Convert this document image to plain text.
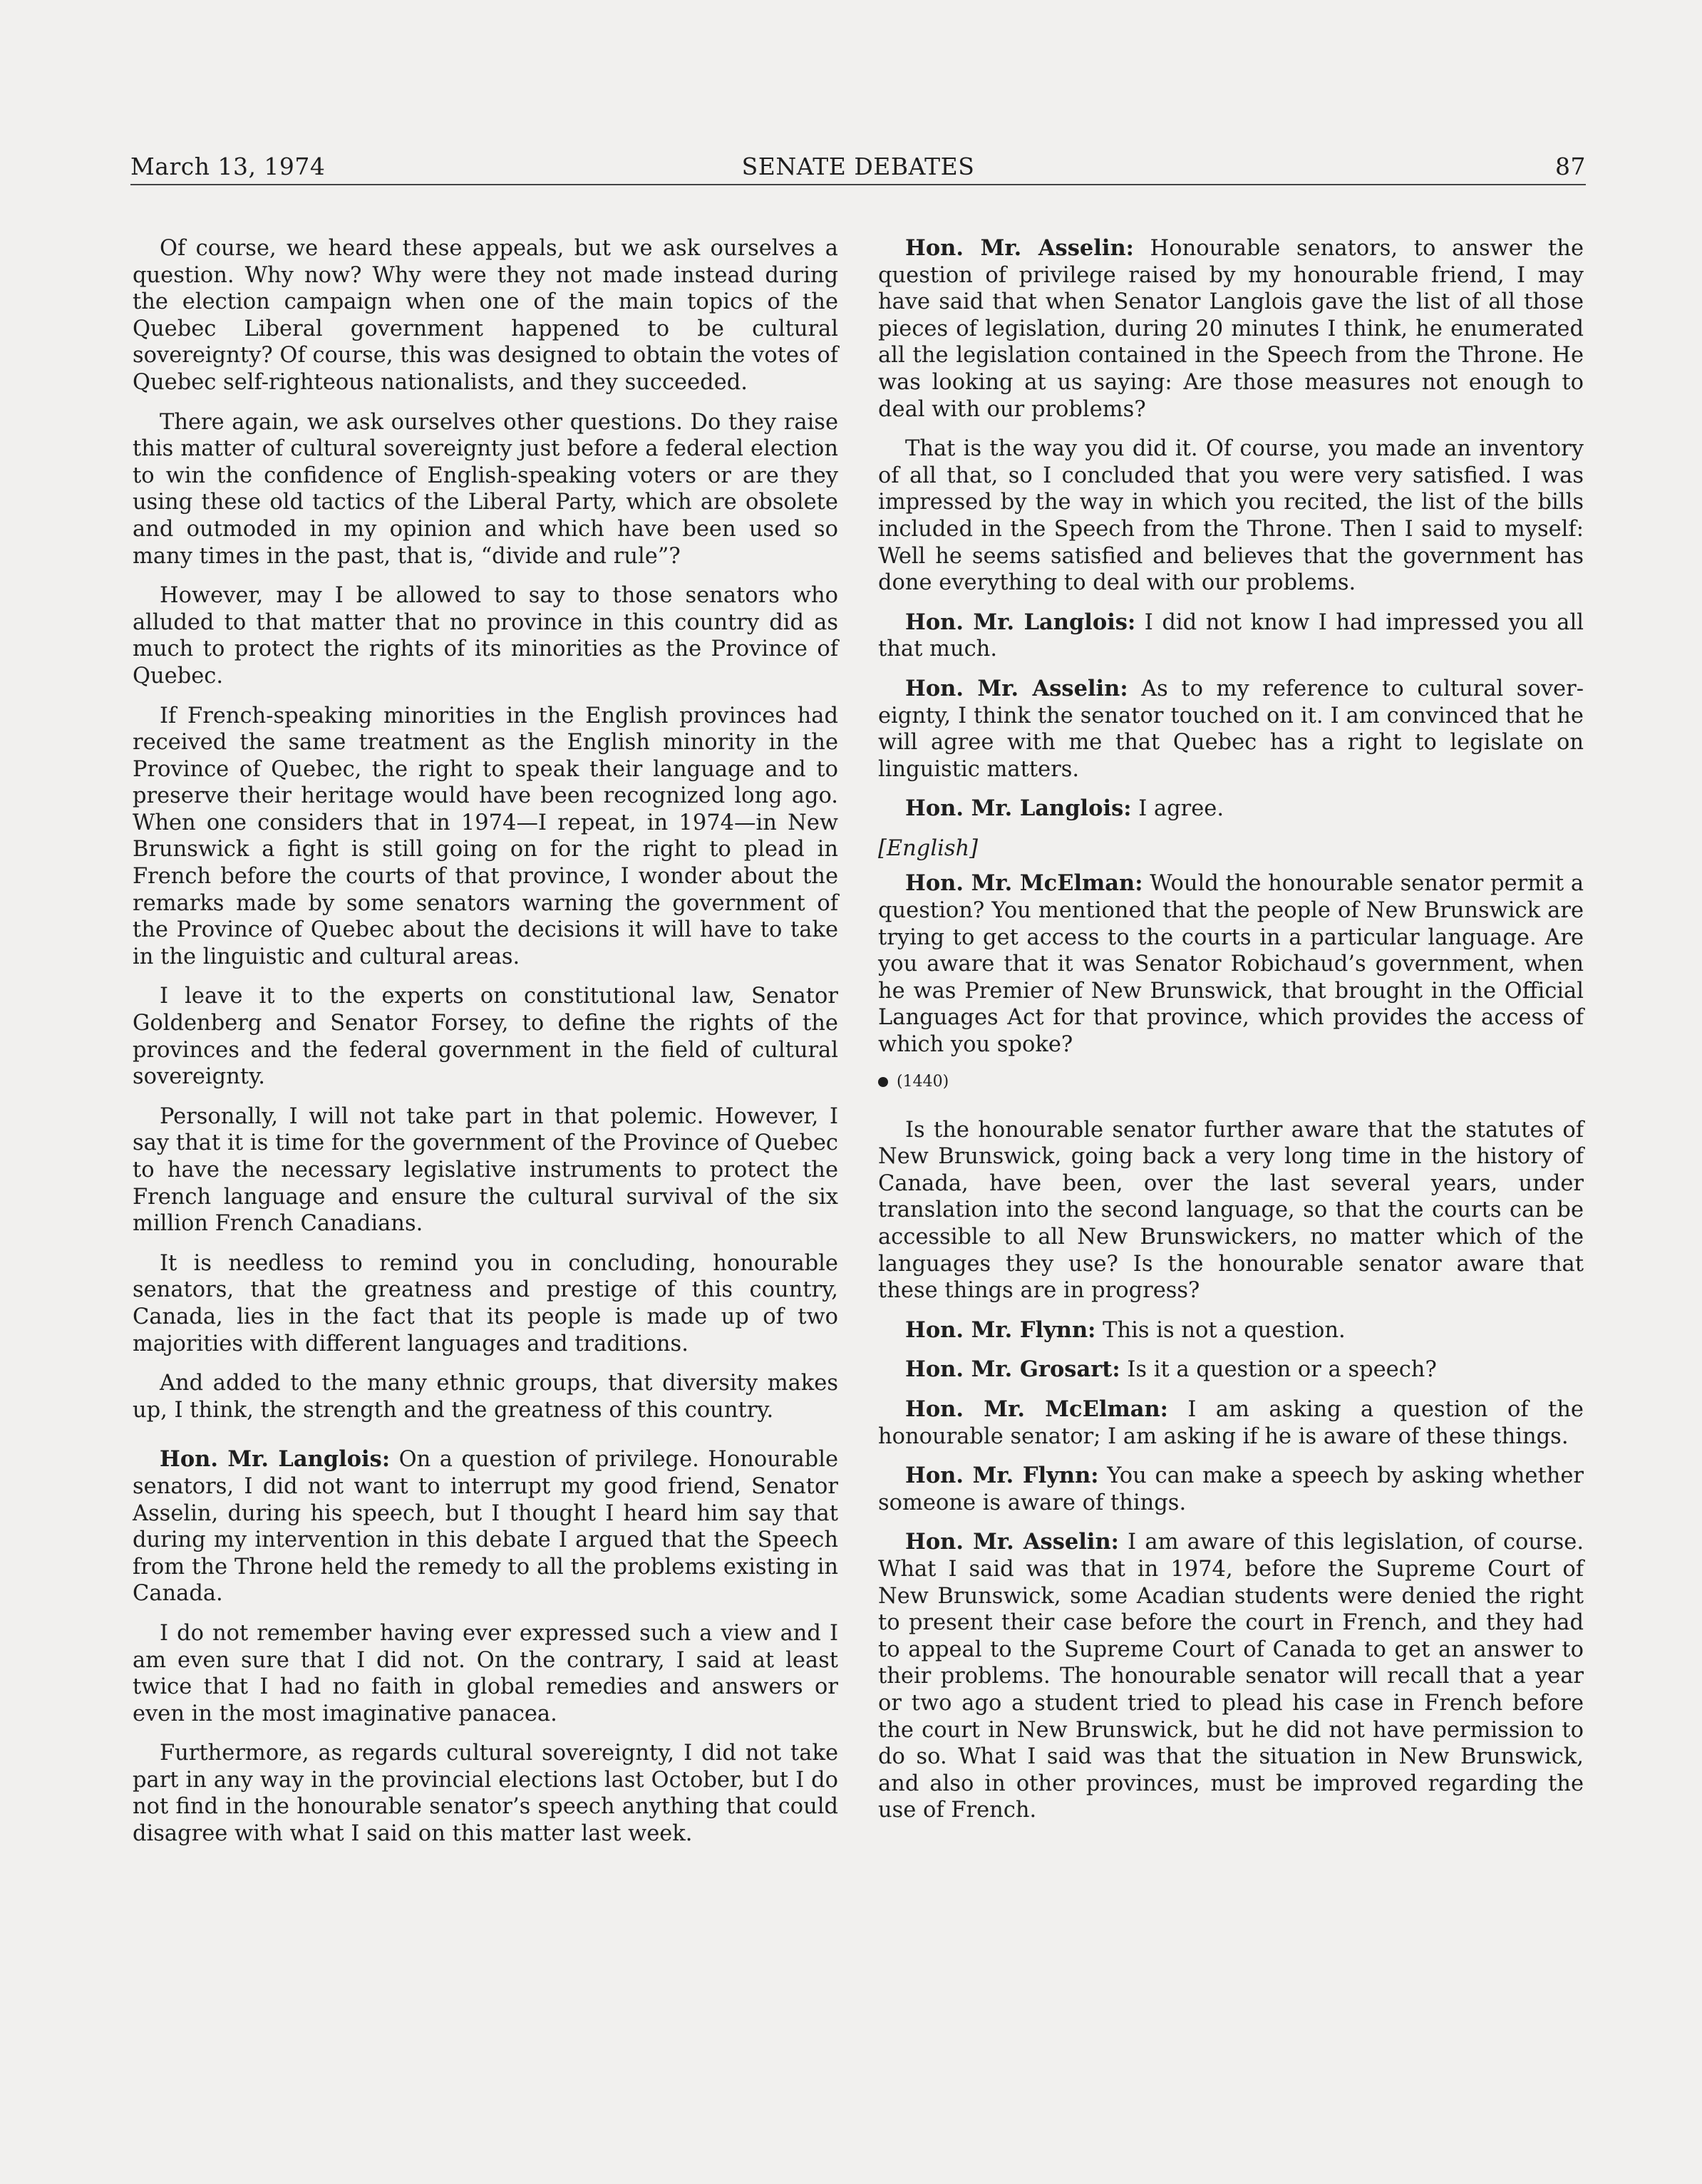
March 13, 1974	SENATE DEBATES	87

Of course, we heard these appeals, but we ask ourselves a question. Why now? Why were they not made instead during the election campaign when one of the main topics of the Quebec Liberal government happened to be cultural sovereignty? Of course, this was designed to obtain the votes of Quebec self-righteous nationalists, and they succeeded.

There again, we ask ourselves other questions. Do they raise this matter of cultural sovereignty just before a federal election to win the confidence of English-speaking voters or are they using these old tactics of the Liberal Party, which are obsolete and outmoded in my opinion and which have been used so many times in the past, that is, “divide and rule”?

However, may I be allowed to say to those senators who alluded to that matter that no province in this country did as much to protect the rights of its minorities as the Province of Quebec.

If French-speaking minorities in the English provinces had received the same treatment as the English minority in the Province of Quebec, the right to speak their language and to preserve their heritage would have been recognized long ago. When one considers that in 1974—I repeat, in 1974—in New Brunswick a fight is still going on for the right to plead in French before the courts of that province, I wonder about the remarks made by some senators warning the government of the Province of Quebec about the decisions it will have to take in the linguistic and cultural areas.

I leave it to the experts on constitutional law, Senator Goldenberg and Senator Forsey, to define the rights of the provinces and the federal government in the field of cultural sovereignty.

Personally, I will not take part in that polemic. However, I say that it is time for the government of the Province of Quebec to have the necessary legislative instruments to protect the French language and ensure the cultural survival of the six million French Canadians.

It is needless to remind you in concluding, honourable senators, that the greatness and prestige of this country, Canada, lies in the fact that its people is made up of two majorities with different languages and traditions.

And added to the many ethnic groups, that diversity makes up, I think, the strength and the greatness of this country.

Hon. Mr. Langlois: On a question of privilege. Honourable senators, I did not want to interrupt my good friend, Senator Asselin, during his speech, but I thought I heard him say that during my intervention in this debate I argued that the Speech from the Throne held the remedy to all the problems existing in Canada.

I do not remember having ever expressed such a view and I am even sure that I did not. On the contrary, I said at least twice that I had no faith in global remedies and answers or even in the most imaginative panacea.

Furthermore, as regards cultural sovereignty, I did not take part in any way in the provincial elections last October, but I do not find in the honourable senator’s speech anything that could disagree with what I said on this matter last week.

Hon. Mr. Asselin: Honourable senators, to answer the question of privilege raised by my honourable friend, I may have said that when Senator Langlois gave the list of all those pieces of legislation, during 20 minutes I think, he enumerated all the legislation contained in the Speech from the Throne. He was looking at us saying: Are those measures not enough to deal with our problems?

That is the way you did it. Of course, you made an inventory of all that, so I concluded that you were very satisfied. I was impressed by the way in which you recited, the list of the bills included in the Speech from the Throne. Then I said to myself: Well he seems satisfied and believes that the government has done everything to deal with our problems.

Hon. Mr. Langlois: I did not know I had impressed you all that much.

Hon. Mr. Asselin: As to my reference to cultural sovereignty, I think the senator touched on it. I am convinced that he will agree with me that Quebec has a right to legislate on linguistic matters.

Hon. Mr. Langlois: I agree.

[English]

Hon. Mr. McElman: Would the honourable senator permit a question? You mentioned that the people of New Brunswick are trying to get access to the courts in a particular language. Are you aware that it was Senator Robichaud’s government, when he was Premier of New Brunswick, that brought in the Official Languages Act for that province, which provides the access of which you spoke?

(1440)

Is the honourable senator further aware that the statutes of New Brunswick, going back a very long time in the history of Canada, have been, over the last several years, under translation into the second language, so that the courts can be accessible to all New Brunswickers, no matter which of the languages they use? Is the honourable senator aware that these things are in progress?

Hon. Mr. Flynn: This is not a question.

Hon. Mr. Grosart: Is it a question or a speech?

Hon. Mr. McElman: I am asking a question of the honourable senator; I am asking if he is aware of these things.

Hon. Mr. Flynn: You can make a speech by asking whether someone is aware of things.

Hon. Mr. Asselin: I am aware of this legislation, of course. What I said was that in 1974, before the Supreme Court of New Brunswick, some Acadian students were denied the right to present their case before the court in French, and they had to appeal to the Supreme Court of Canada to get an answer to their problems. The honourable senator will recall that a year or two ago a student tried to plead his case in French before the court in New Brunswick, but he did not have permission to do so. What I said was that the situation in New Brunswick, and also in other provinces, must be improved regarding the use of French.
